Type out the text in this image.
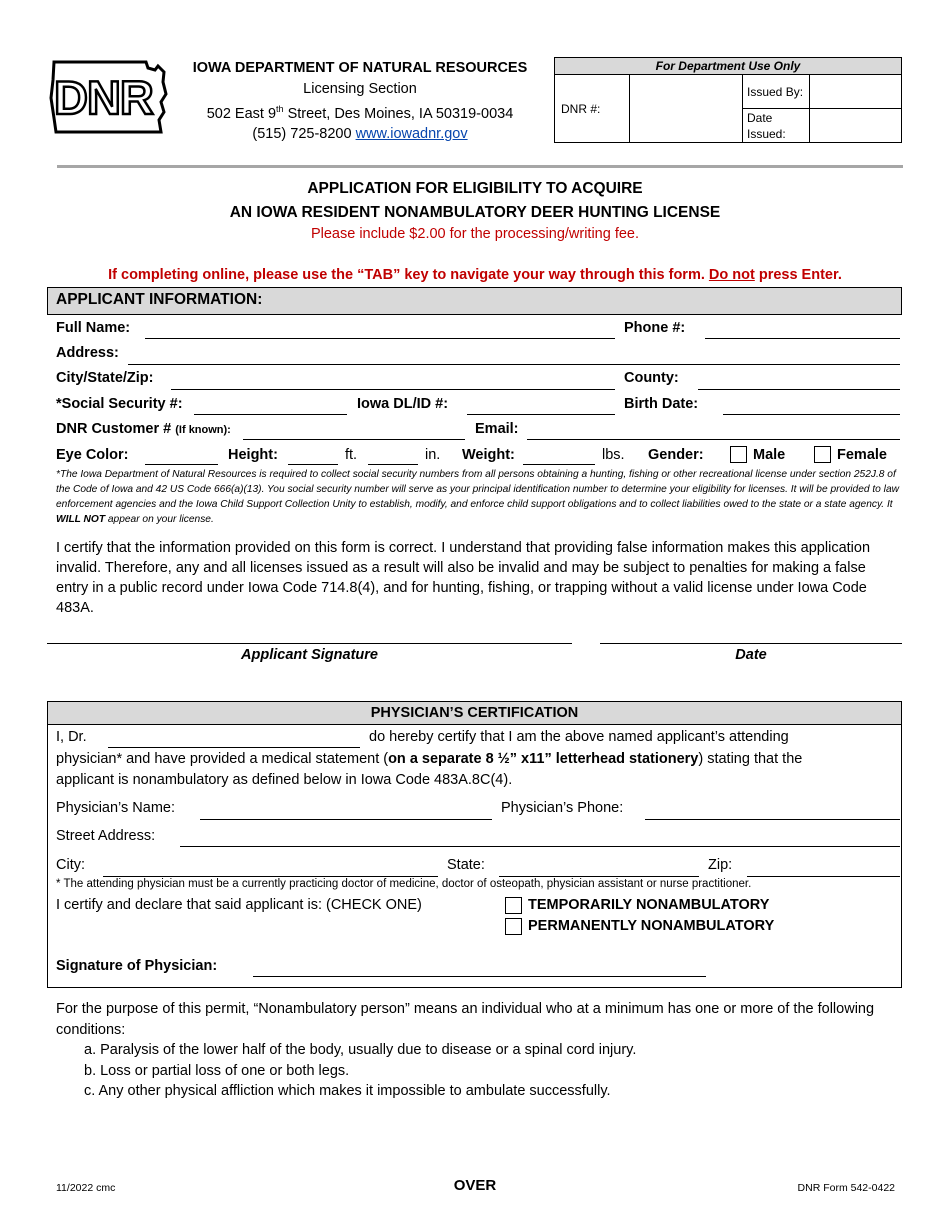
DNR
IOWA DEPARTMENT OF NATURAL RESOURCES
Licensing Section
502 East 9th Street, Des Moines, IA 50319-0034
(515) 725-8200 www.iowadnr.gov
For Department Use Only			
DNR #:		Issued By:	
		Date Issued:	
APPLICATION FOR ELIGIBILITY TO ACQUIRE
AN IOWA RESIDENT NONAMBULATORY DEER HUNTING LICENSE
Please include $2.00 for the processing/writing fee.
If completing online, please use the “TAB” key to navigate your way through this form. Do not press Enter.
APPLICANT INFORMATION:
Full Name:	Phone #:
Address:
City/State/Zip:	County:
*Social Security #:	Iowa DL/ID #:	Birth Date:
DNR Customer # (If known):	Email:
Eye Color:	Height:	ft.	in. Weight:	lbs. Gender:	Male	Female
*The Iowa Department of Natural Resources is required to collect social security numbers from all persons obtaining a hunting, fishing or other recreational license under section 252J.8 of the Code of Iowa and 42 US Code 666(a)(13). You social security number will serve as your principal identification number to determine your eligibility for licenses. It will be provided to law enforcement agencies and the Iowa Child Support Collection Unity to establish, modify, and enforce child support obligations and to collect liabilities owed to the state or a state agency. It WILL NOT appear on your license.
I certify that the information provided on this form is correct. I understand that providing false information makes this application invalid. Therefore, any and all licenses issued as a result will also be invalid and may be subject to penalties for making a false entry in a public record under Iowa Code 714.8(4), and for hunting, fishing, or trapping without a valid license under Iowa Code 483A.
Applicant Signature	Date
PHYSICIAN’S CERTIFICATION
I, Dr.	do hereby certify that I am the above named applicant’s attending
physician* and have provided a medical statement (on a separate 8 ½” x11” letterhead stationery) stating that the
applicant is nonambulatory as defined below in Iowa Code 483A.8C(4).
Physician’s Name:	Physician’s Phone:
Street Address:
City:	State:	Zip:
* The attending physician must be a currently practicing doctor of medicine, doctor of osteopath, physician assistant or nurse practitioner.
I certify and declare that said applicant is: (CHECK ONE)	TEMPORARILY NONAMBULATORY
PERMANENTLY NONAMBULATORY
Signature of Physician:
For the purpose of this permit, “Nonambulatory person” means an individual who at a minimum has one or more of the following conditions:
a. Paralysis of the lower half of the body, usually due to disease or a spinal cord injury.
b. Loss or partial loss of one or both legs.
c. Any other physical affliction which makes it impossible to ambulate successfully.
11/2022 cmc	OVER	DNR Form 542-0422
